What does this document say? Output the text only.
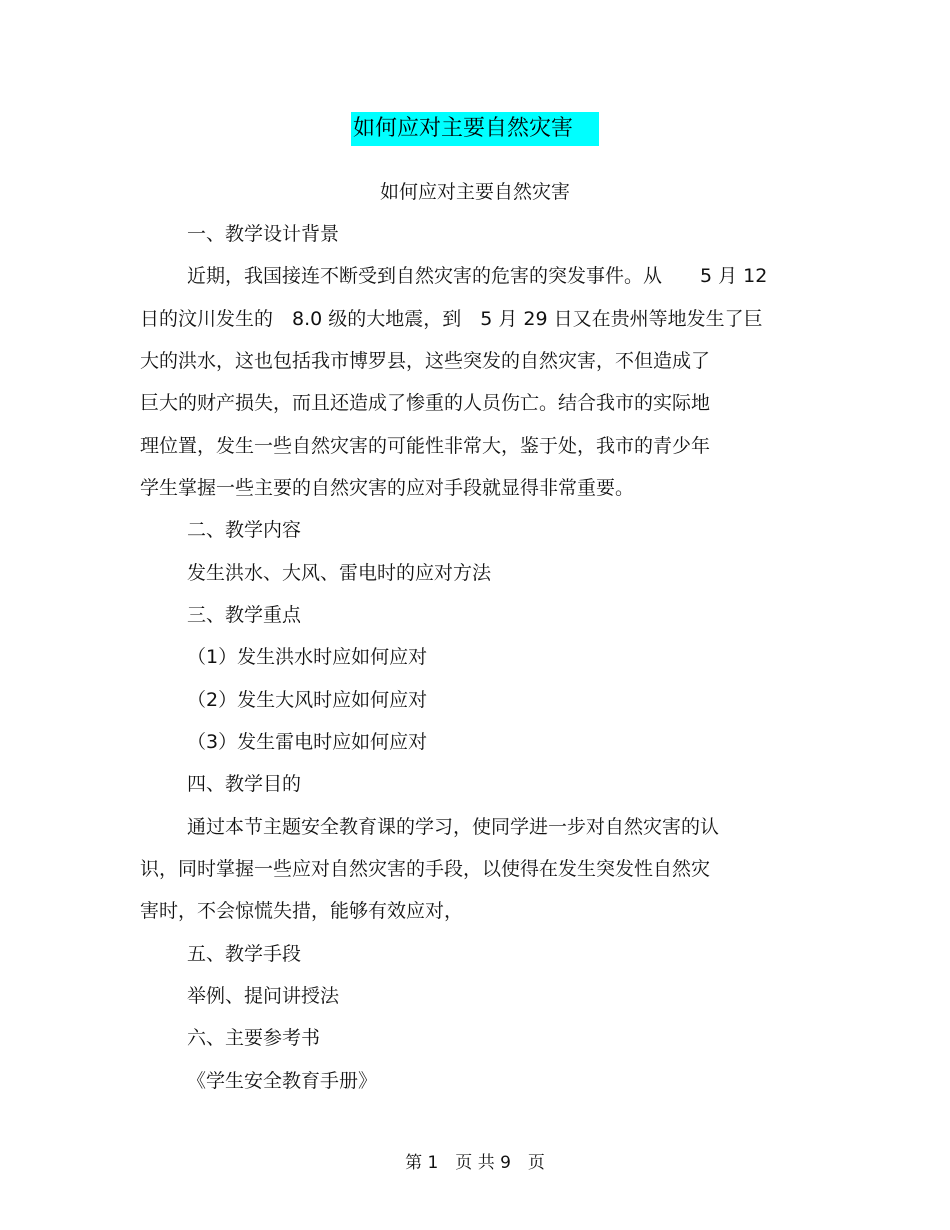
如何应对主要自然灾害
如何应对主要自然灾害
一、教学设计背景
近期，我国接连不断受到自然灾害的危害的突发事件。从　　5 月 12
日的汶川发生的　8.0 级的大地震，到　5 月 29 日又在贵州等地发生了巨
大的洪水，这也包括我市博罗县，这些突发的自然灾害，不但造成了
巨大的财产损失，而且还造成了惨重的人员伤亡。结合我市的实际地
理位置，发生一些自然灾害的可能性非常大，鉴于处，我市的青少年
学生掌握一些主要的自然灾害的应对手段就显得非常重要。
二、教学内容
发生洪水、大风、雷电时的应对方法
三、教学重点
（1）发生洪水时应如何应对
（2）发生大风时应如何应对
（3）发生雷电时应如何应对
四、教学目的
通过本节主题安全教育课的学习，使同学进一步对自然灾害的认
识，同时掌握一些应对自然灾害的手段，以使得在发生突发性自然灾
害时，不会惊慌失措，能够有效应对，
五、教学手段
举例、提问讲授法
六、主要参考书
《学生安全教育手册》
第 1　页 共 9　页
